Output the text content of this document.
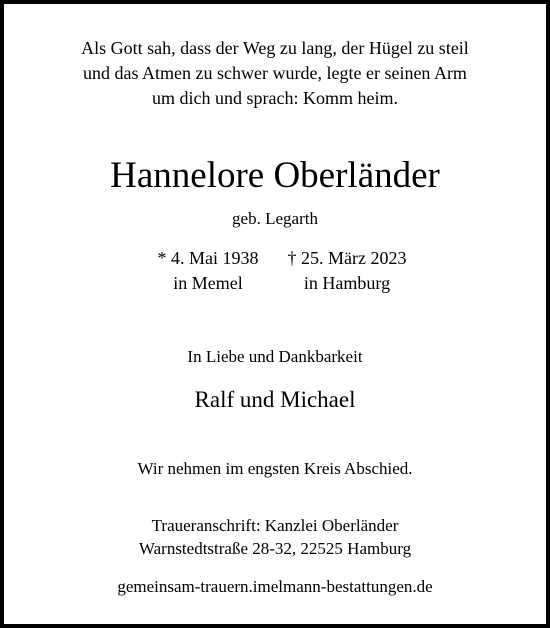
Als Gott sah, dass der Weg zu lang, der Hügel zu steil
und das Atmen zu schwer wurde, legte er seinen Arm
um dich und sprach: Komm heim.
Hannelore Oberländer
geb. Legarth
* 4. Mai 1938
in Memel
† 25. März 2023
in Hamburg
In Liebe und Dankbarkeit
Ralf und Michael
Wir nehmen im engsten Kreis Abschied.
Traueranschrift: Kanzlei Oberländer
Warnstedtstraße 28-32, 22525 Hamburg
gemeinsam-trauern.imelmann-bestattungen.de
